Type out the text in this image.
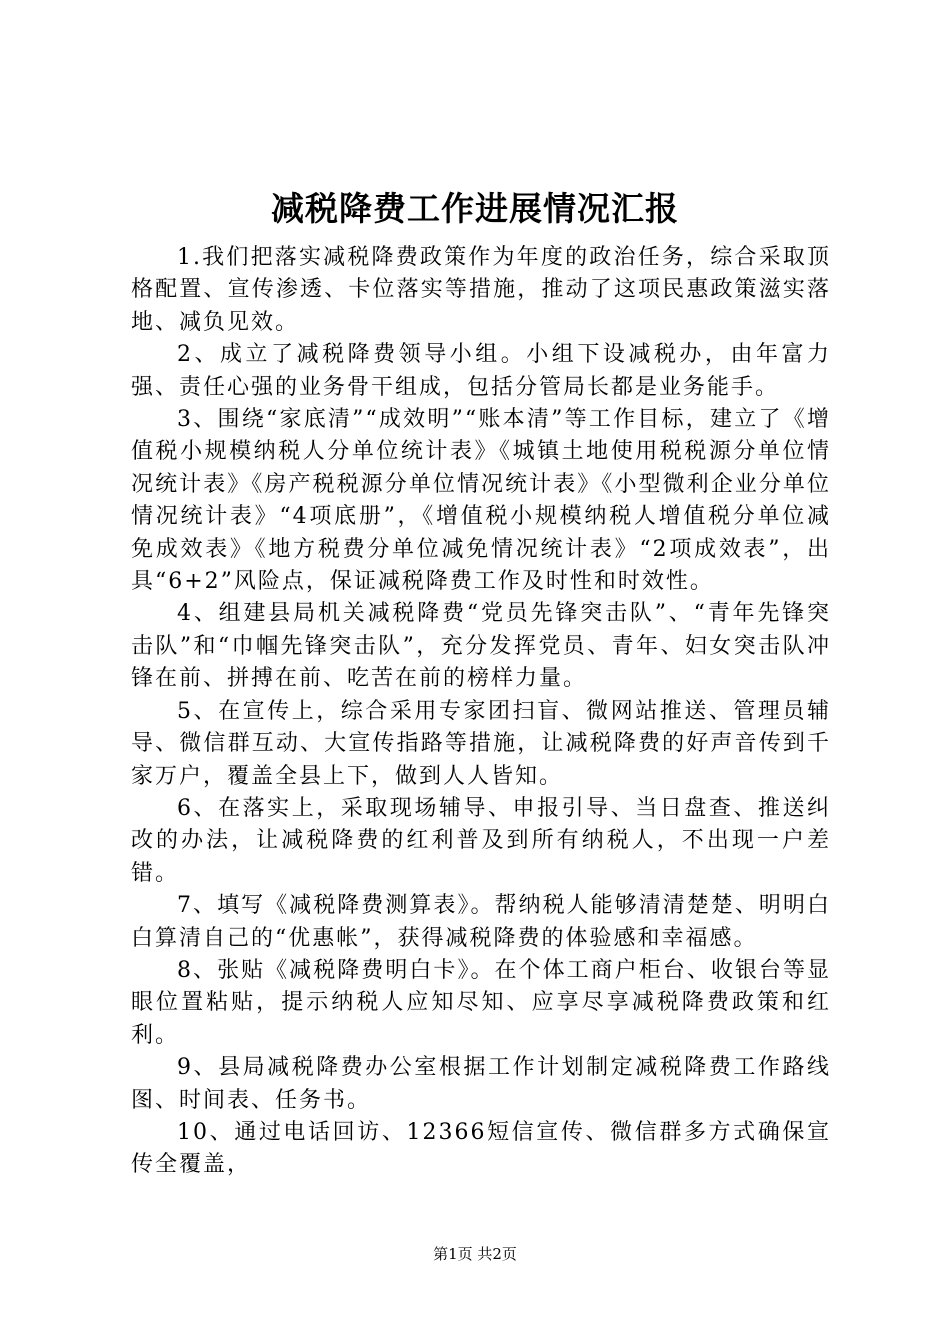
减税降费工作进展情况汇报

1.我们把落实减税降费政策作为年度的政治任务，综合采取顶格配置、宣传渗透、卡位落实等措施，推动了这项民惠政策滋实落地、减负见效。

2、成立了减税降费领导小组。小组下设减税办，由年富力强、责任心强的业务骨干组成，包括分管局长都是业务能手。

3、围绕“家底清”“成效明”“账本清”等工作目标，建立了《增值税小规模纳税人分单位统计表》《城镇土地使用税税源分单位情况统计表》《房产税税源分单位情况统计表》《小型微利企业分单位情况统计表》“4项底册”，《增值税小规模纳税人增值税分单位减免成效表》《地方税费分单位减免情况统计表》“2项成效表”，出具“6+2”风险点，保证减税降费工作及时性和时效性。

4、组建县局机关减税降费“党员先锋突击队”、“青年先锋突击队”和“巾帼先锋突击队”，充分发挥党员、青年、妇女突击队冲锋在前、拼搏在前、吃苦在前的榜样力量。

5、在宣传上，综合采用专家团扫盲、微网站推送、管理员辅导、微信群互动、大宣传指路等措施，让减税降费的好声音传到千家万户，覆盖全县上下，做到人人皆知。

6、在落实上，采取现场辅导、申报引导、当日盘查、推送纠改的办法，让减税降费的红利普及到所有纳税人，不出现一户差错。

7、填写《减税降费测算表》。帮纳税人能够清清楚楚、明明白白算清自己的“优惠帐”，获得减税降费的体验感和幸福感。

8、张贴《减税降费明白卡》。在个体工商户柜台、收银台等显眼位置粘贴，提示纳税人应知尽知、应享尽享减税降费政策和红利。

9、县局减税降费办公室根据工作计划制定减税降费工作路线图、时间表、任务书。

10、通过电话回访、12366短信宣传、微信群多方式确保宣传全覆盖，

第1页 共2页
